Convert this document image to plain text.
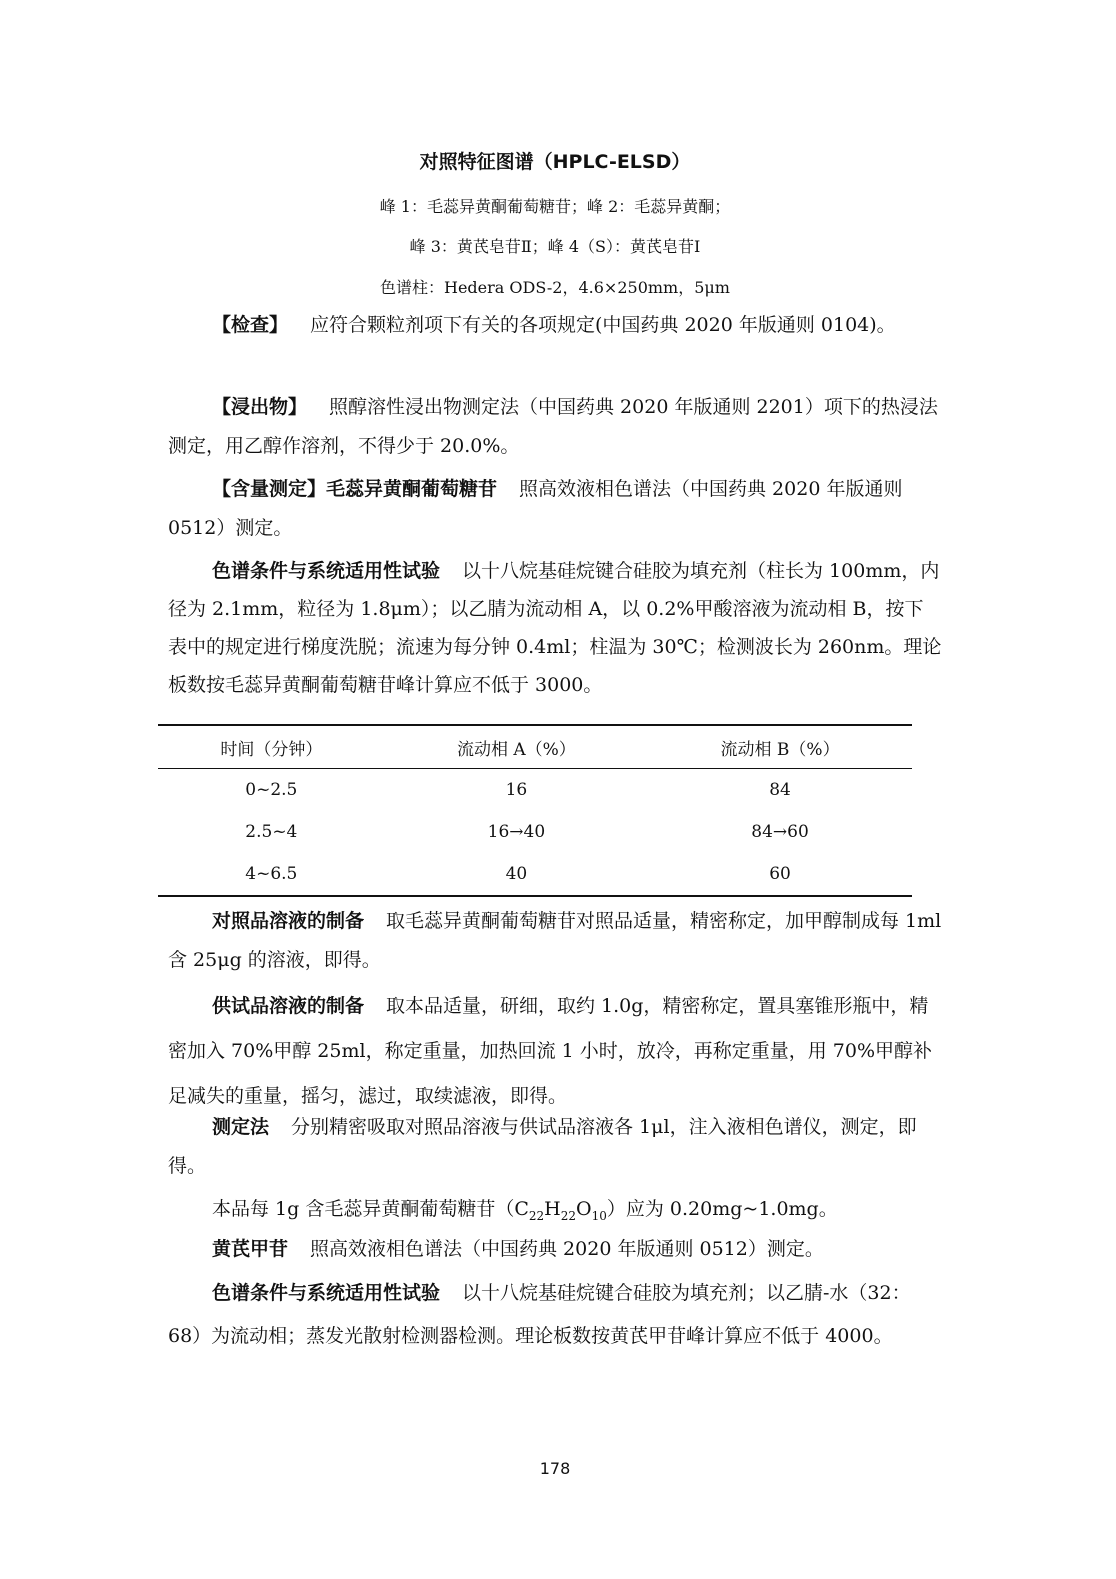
对照特征图谱（HPLC-ELSD）
峰 1：毛蕊异黄酮葡萄糖苷；峰 2：毛蕊异黄酮；
峰 3：黄芪皂苷Ⅱ；峰 4（S）：黄芪皂苷Ⅰ
色谱柱：Hedera ODS-2，4.6×250mm，5μm
【检查】 应符合颗粒剂项下有关的各项规定(中国药典 2020 年版通则 0104)。
【浸出物】 照醇溶性浸出物测定法（中国药典 2020 年版通则 2201）项下的热浸法测定，用乙醇作溶剂，不得少于 20.0%。
【含量测定】毛蕊异黄酮葡萄糖苷 照高效液相色谱法（中国药典 2020 年版通则 0512）测定。
色谱条件与系统适用性试验 以十八烷基硅烷键合硅胶为填充剂（柱长为 100mm，内径为 2.1mm，粒径为 1.8μm）；以乙腈为流动相 A，以 0.2%甲酸溶液为流动相 B，按下表中的规定进行梯度洗脱；流速为每分钟 0.4ml；柱温为 30℃；检测波长为 260nm。理论板数按毛蕊异黄酮葡萄糖苷峰计算应不低于 3000。
时间（分钟）	流动相 A（%）	流动相 B（%）
0~2.5	16	84
2.5~4	16→40	84→60
4~6.5	40	60
对照品溶液的制备 取毛蕊异黄酮葡萄糖苷对照品适量，精密称定，加甲醇制成每 1ml 含 25μg 的溶液，即得。
供试品溶液的制备 取本品适量，研细，取约 1.0g，精密称定，置具塞锥形瓶中，精密加入 70%甲醇 25ml，称定重量，加热回流 1 小时，放冷，再称定重量，用 70%甲醇补足减失的重量，摇匀，滤过，取续滤液，即得。
测定法 分别精密吸取对照品溶液与供试品溶液各 1μl，注入液相色谱仪，测定，即得。
本品每 1g 含毛蕊异黄酮葡萄糖苷$(C_{22}H_{22}O_{10})$应为 0.20mg~1.0mg。
黄芪甲苷 照高效液相色谱法（中国药典 2020 年版通则 0512）测定。
色谱条件与系统适用性试验 以十八烷基硅烷键合硅胶为填充剂；以乙腈-水（32：68）为流动相；蒸发光散射检测器检测。理论板数按黄芪甲苷峰计算应不低于 4000。
178
